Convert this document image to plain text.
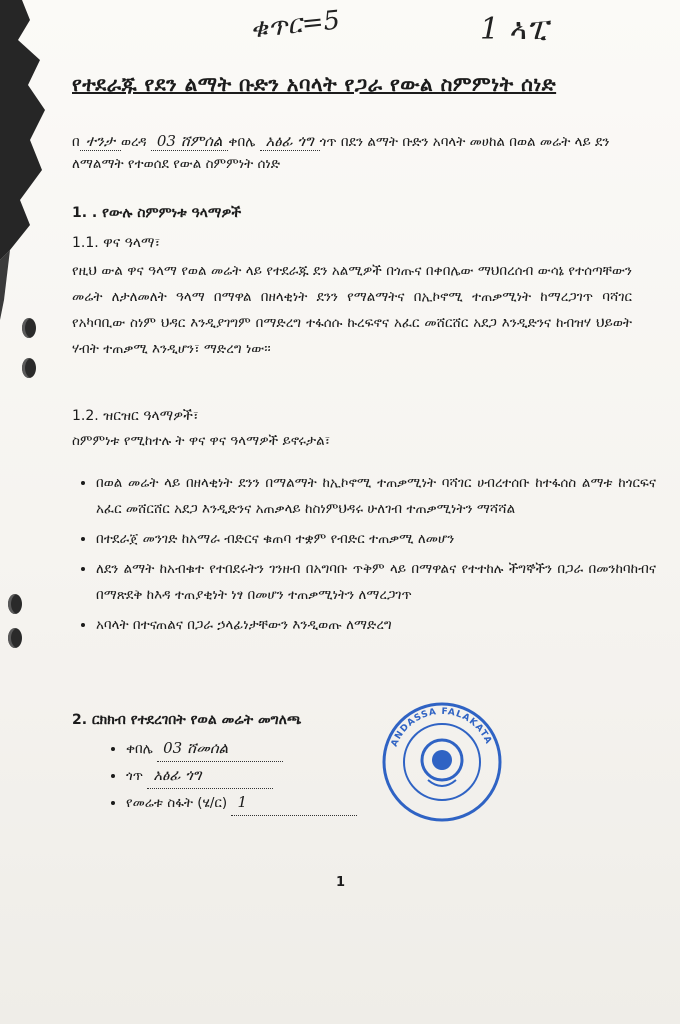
ቁጥር=5	1 ኣፒ
የተደራጁ የደን ልማት ቡድን አባላት የጋራ የውል ስምምነት ሰነድ
በ ተንታ ወረዳ 03 ሸምሰል ቀበሌ አፅፊ ጎግ ጎጥ በደን ልማት ቡድን አባላት መሀከል በወል መሬት ላይ ደን ለማልማት የተወሰደ የውል ስምምነት ሰነድ
1. . የውሉ ስምምነቱ ዓላማዎች
1.1. ዋና ዓላማ፣
የዚህ ውል ዋና ዓላማ የወል መሬት ላይ የተደራጁ ደን አልሚዎች በጎጡና በቀበሌው ማህበረሰብ ውሳኔ የተሰጣቸውን መሬት ለታለመለት ዓላማ በማዋል በዘላቂነት ደንን የማልማትና በኢኮኖሚ ተጠቃሚነት ከማረጋገጥ ባሻገር የአካባቢው ስነም ህዳር እንዲያገግም በማድረግ ተፋሰሱ ኩረፍኖና አፈር መሸርሸር አደጋ እንዲድንና ከብዝሃ ህይወት ሃብት ተጠቃሚ እንዲሆን፣ ማድረግ ነው፡፡
1.2. ዝርዝር ዓላማዎች፣
ስምምነቱ የሚከተሉ ት ዋና ዋና ዓላማዎች ይኖሩታል፣
• በወል መሬት ላይ በዘላቂነት ደንን በማልማት ከኢኮኖሚ ተጠቃሚነት ባሻገር ሀብረተሰቡ ከተፋሰስ ልማቱ ከጎርፍና አፈር መሸርሸር አደጋ እንዲድንና አጠቃላይ ከስነምህዳሩ ሁለገብ ተጠቃሚነትን ማሻሻል
• በተደራጀ መንገድ ከአማራ ብድርና ቁጠባ ተቋም የብድር ተጠቃሚ ለመሆን
• ለደን ልማት ከአብቁተ የተበደሩትን ገንዘብ በአግባቡ ጥቅም ላይ በማዋልና የተተከሉ ችግኞችን በጋራ በመንከባከብና በማጽደቅ ከእዳ ተጠያቂነት ነፃ በመሆን ተጠቃሚነትን ለማረጋገጥ
• አባላት በተናጠልና በጋራ ኃላፊነታቸውን እንዲወጡ ለማድረግ
2. ርክክብ የተደረገበት የወል መሬት መግለጫ
• ቀበሌ 03 ሸመሰል
• ጎጥ አፅፊ ጎግ
• የመሬቱ ስፋት (ሄ/ር) 1
ANDASSA FALAKATA
1
